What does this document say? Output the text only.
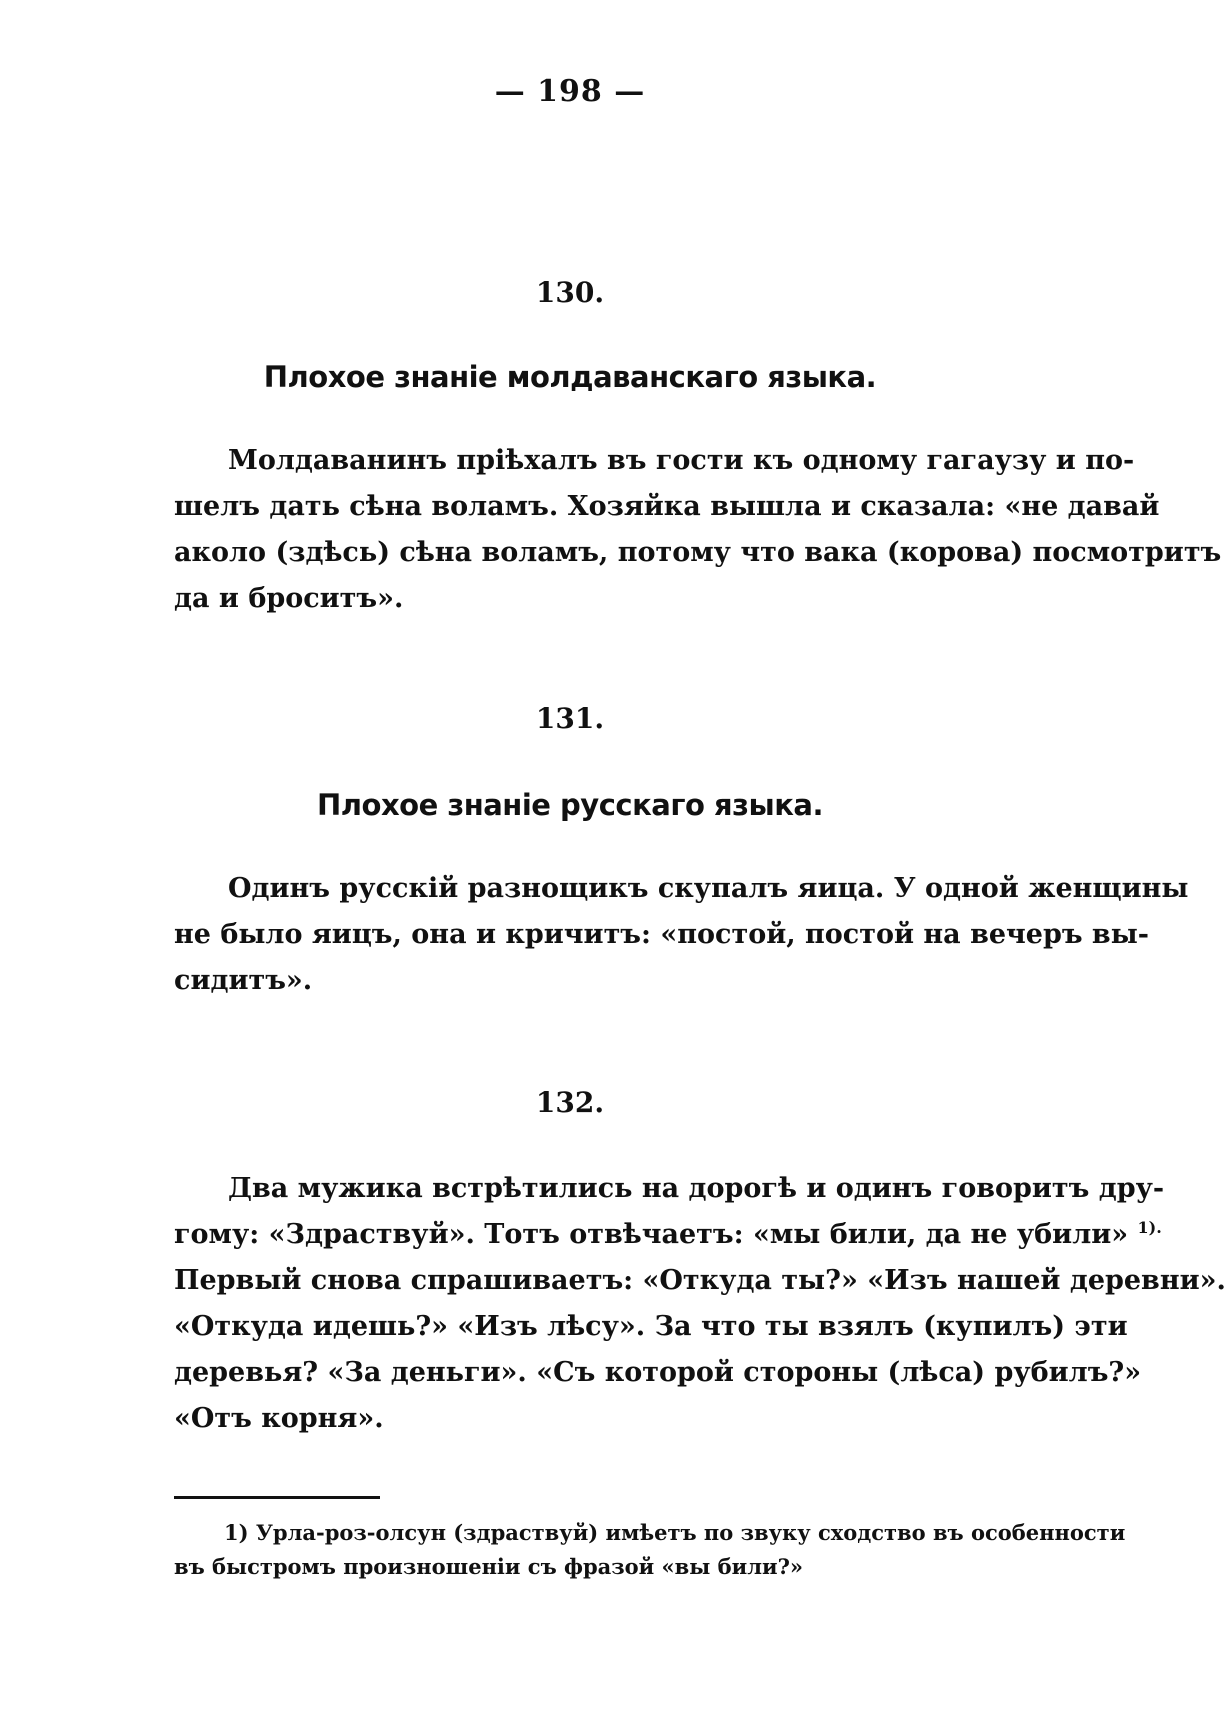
— 198 —
130.
Плохое знаніе молдаванскаго языка.
Молдаванинъ пріѣхалъ въ гости къ одному гагаузу и по-
шелъ дать сѣна воламъ. Хозяйка вышла и сказала: «не давай
аколо (здѣсь) сѣна воламъ, потому что вака (корова) посмотритъ
да и броситъ».
131.
Плохое знаніе русскаго языка.
Одинъ русскій разнощикъ скупалъ яица. У одной женщины
не было яицъ, она и кричитъ: «постой, постой на вечеръ вы-
сидитъ».
132.
Два мужика встрѣтились на дорогѣ и одинъ говоритъ дру-
гому: «Здраствуй». Тотъ отвѣчаетъ: «мы били, да не убили» $^{1).}$
Первый снова спрашиваетъ: «Откуда ты?» «Изъ нашей деревни».
«Откуда идешь?» «Изъ лѣсу». За что ты взялъ (купилъ) эти
деревья? «За деньги». «Съ которой стороны (лѣса) рубилъ?»
«Отъ корня».
1) Урла-роз-олсун (здраствуй) имѣетъ по звуку сходство въ особенности
въ быстромъ произношеніи съ фразой «вы били?»
